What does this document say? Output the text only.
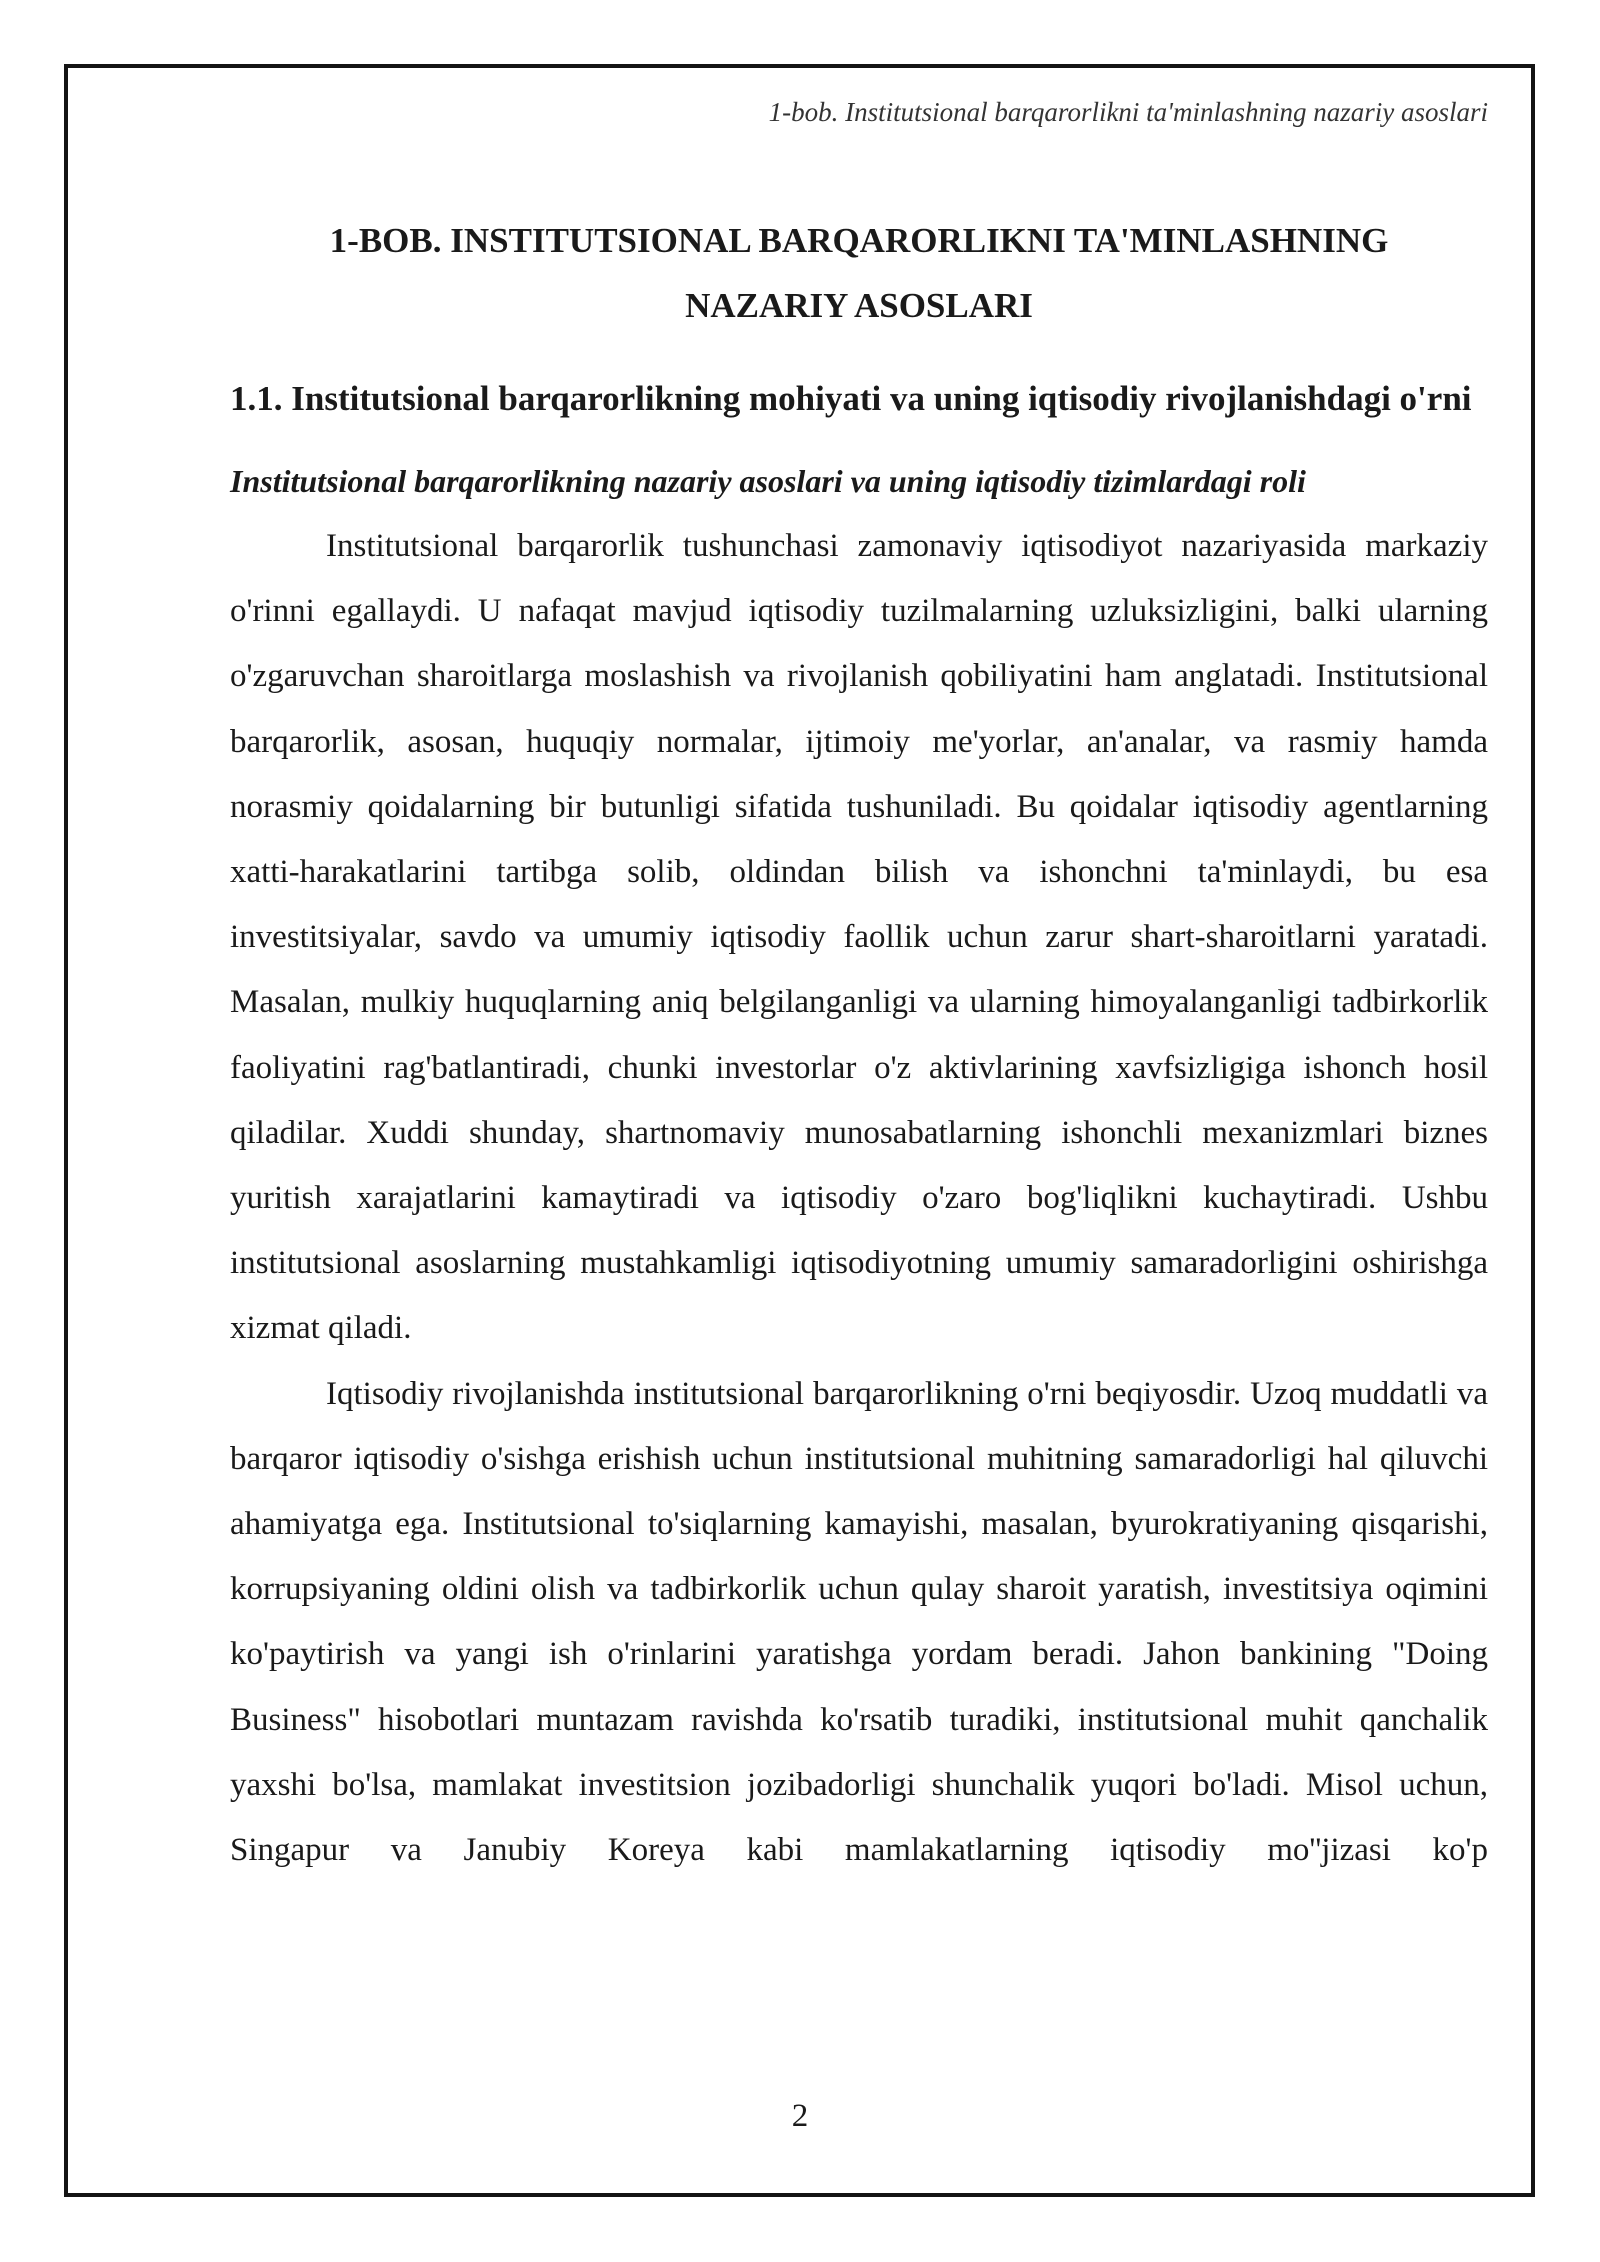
1-bob. Institutsional barqarorlikni ta'minlashning nazariy asoslari
1-BOB. INSTITUTSIONAL BARQARORLIKNI TA'MINLASHNING NAZARIY ASOSLARI
1.1. Institutsional barqarorlikning mohiyati va uning iqtisodiy rivojlanishdagi o'rni
Institutsional barqarorlikning nazariy asoslari va uning iqtisodiy tizimlardagi roli

Institutsional barqarorlik tushunchasi zamonaviy iqtisodiyot nazariyasida markaziy o'rinni egallaydi. U nafaqat mavjud iqtisodiy tuzilmalarning uzluksizligini, balki ularning o'zgaruvchan sharoitlarga moslashish va rivojlanish qobiliyatini ham anglatadi. Institutsional barqarorlik, asosan, huquqiy normalar, ijtimoiy me'yorlar, an'analar, va rasmiy hamda norasmiy qoidalarning bir butunligi sifatida tushuniladi. Bu qoidalar iqtisodiy agentlarning xatti-harakatlarini tartibga solib, oldindan bilish va ishonchni ta'minlaydi, bu esa investitsiyalar, savdo va umumiy iqtisodiy faollik uchun zarur shart-sharoitlarni yaratadi. Masalan, mulkiy huquqlarning aniq belgilanganligi va ularning himoyalanganligi tadbirkorlik faoliyatini rag'batlantiradi, chunki investorlar o'z aktivlarining xavfsizligiga ishonch hosil qiladilar. Xuddi shunday, shartnomaviy munosabatlarning ishonchli mexanizmlari biznes yuritish xarajatlarini kamaytiradi va iqtisodiy o'zaro bog'liqlikni kuchaytiradi. Ushbu institutsional asoslarning mustahkamligi iqtisodiyotning umumiy samaradorligini oshirishga xizmat qiladi.

Iqtisodiy rivojlanishda institutsional barqarorlikning o'rni beqiyosdir. Uzoq muddatli va barqaror iqtisodiy o'sishga erishish uchun institutsional muhitning samaradorligi hal qiluvchi ahamiyatga ega. Institutsional to'siqlarning kamayishi, masalan, byurokratiyaning qisqarishi, korrupsiyaning oldini olish va tadbirkorlik uchun qulay sharoit yaratish, investitsiya oqimini ko'paytirish va yangi ish o'rinlarini yaratishga yordam beradi. Jahon bankining "Doing Business" hisobotlari muntazam ravishda ko'rsatib turadiki, institutsional muhit qanchalik yaxshi bo'lsa, mamlakat investitsion jozibadorligi shunchalik yuqori bo'ladi. Misol uchun, Singapur va Janubiy Koreya kabi mamlakatlarning iqtisodiy mo''jizasi ko'p

2
